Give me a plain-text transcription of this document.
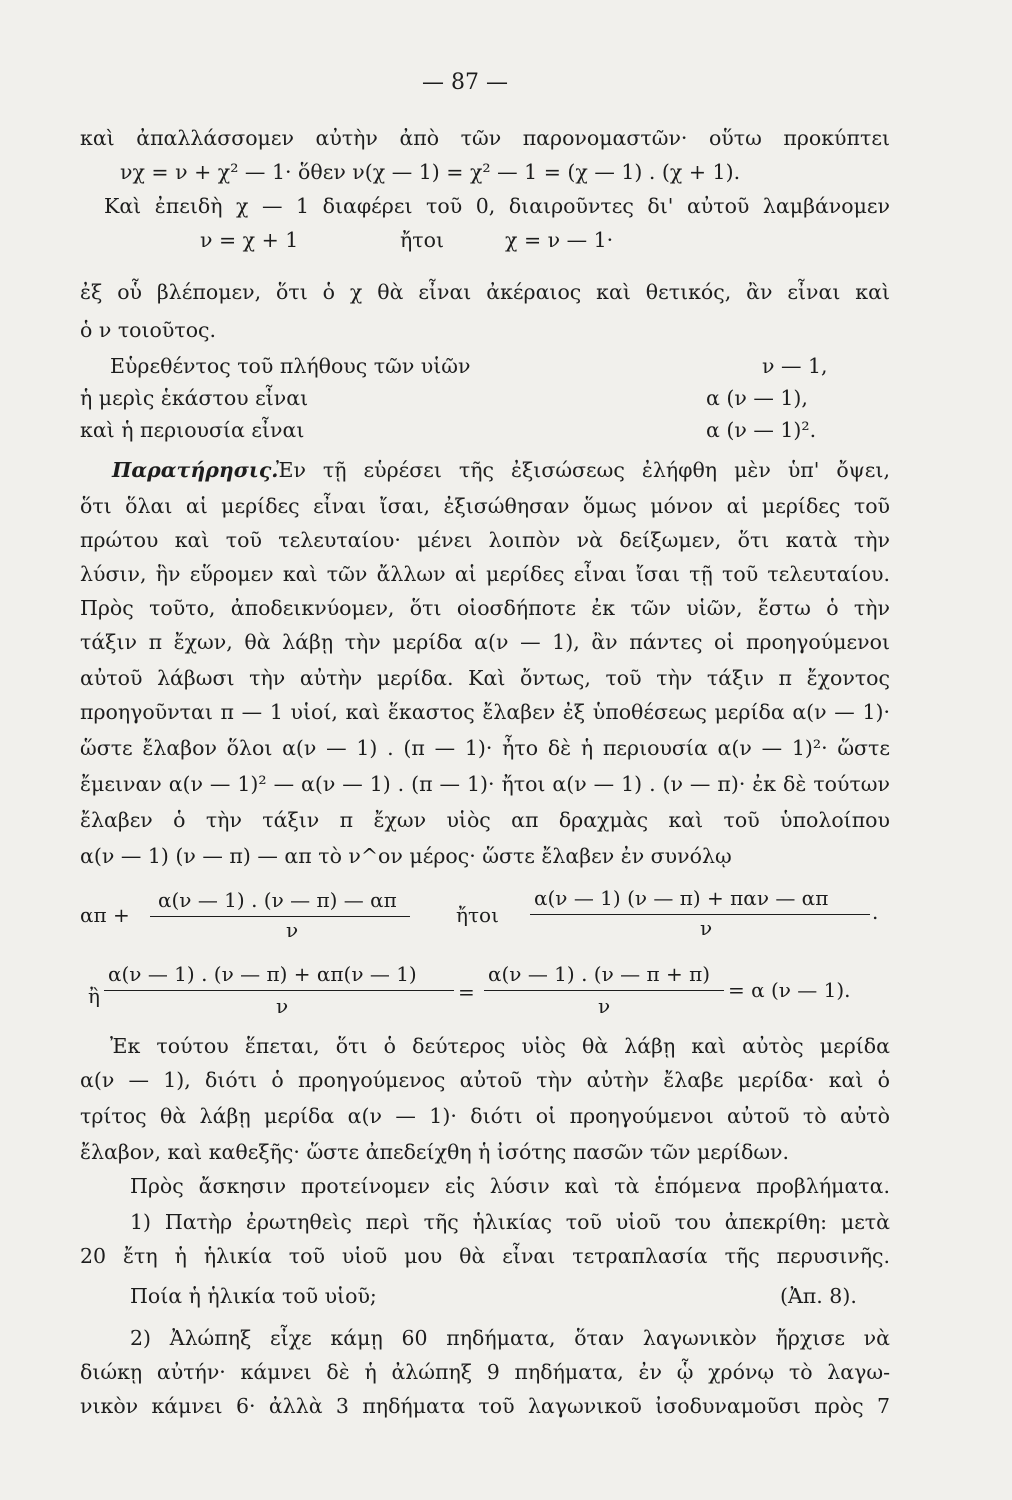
— 87 —
καὶ ἀπαλλάσσομεν αὐτὴν ἀπὸ τῶν παρονομαστῶν· οὕτω προκύπτει
νχ = ν + χ² — 1· ὅθεν ν(χ — 1) = χ² — 1 = (χ — 1) . (χ + 1).
Καὶ ἐπειδὴ χ — 1 διαφέρει τοῦ 0, διαιροῦντες δι' αὐτοῦ λαμβάνομεν
ν = χ + 1	ἤτοι	χ = ν — 1·
ἐξ οὗ βλέπομεν, ὅτι ὁ χ θὰ εἶναι ἀκέραιος καὶ θετικός, ἂν εἶναι καὶ
ὁ ν τοιοῦτος.
Εὑρεθέντος τοῦ πλήθους τῶν υἱῶν	ν — 1,
ἡ μερὶς ἑκάστου εἶναι	α (ν — 1),
καὶ ἡ περιουσία εἶναι	α (ν — 1)².
Παρατήρησις.
Ἐν τῇ εὑρέσει τῆς ἐξισώσεως ἐλήφθη μὲν ὑπ' ὄψει,
ὅτι ὅλαι αἱ μερίδες εἶναι ἴσαι, ἐξισώθησαν ὅμως μόνον αἱ μερίδες τοῦ
πρώτου καὶ τοῦ τελευταίου· μένει λοιπὸν νὰ δείξωμεν, ὅτι κατὰ τὴν
λύσιν, ἣν εὕρομεν καὶ τῶν ἄλλων αἱ μερίδες εἶναι ἴσαι τῇ τοῦ τελευταίου.
Πρὸς τοῦτο, ἀποδεικνύομεν, ὅτι οἱοσδήποτε ἐκ τῶν υἱῶν, ἔστω ὁ τὴν
τάξιν π ἔχων, θὰ λάβῃ τὴν μερίδα α(ν — 1), ἂν πάντες οἱ προηγούμενοι
αὐτοῦ λάβωσι τὴν αὐτὴν μερίδα. Καὶ ὄντως, τοῦ τὴν τάξιν π ἔχοντος
προηγοῦνται π — 1 υἱοί, καὶ ἕκαστος ἔλαβεν ἐξ ὑποθέσεως μερίδα α(ν — 1)·
ὥστε ἔλαβον ὅλοι α(ν — 1) . (π — 1)· ἦτο δὲ ἡ περιουσία α(ν — 1)²· ὥστε
ἔμειναν α(ν — 1)² — α(ν — 1) . (π — 1)· ἤτοι α(ν — 1) . (ν — π)· ἐκ δὲ τούτων
ἔλαβεν ὁ τὴν τάξιν π ἔχων υἱὸς απ δραχμὰς καὶ τοῦ ὑπολοίπου
α(ν — 1) (ν — π) — απ τὸ ν^ον μέρος· ὥστε ἔλαβεν ἐν συνόλῳ
απ +
α(ν — 1) . (ν — π) — απ
ν
ἤτοι
α(ν — 1) (ν — π) + παν — απ
ν
.
ἢ
α(ν — 1) . (ν — π) + απ(ν — 1)
ν
=
α(ν — 1) . (ν — π + π)
ν
= α (ν — 1).
Ἐκ τούτου ἕπεται, ὅτι ὁ δεύτερος υἱὸς θὰ λάβῃ καὶ αὐτὸς μερίδα
α(ν — 1), διότι ὁ προηγούμενος αὐτοῦ τὴν αὐτὴν ἔλαβε μερίδα· καὶ ὁ
τρίτος θὰ λάβῃ μερίδα α(ν — 1)· διότι οἱ προηγούμενοι αὐτοῦ τὸ αὐτὸ
ἔλαβον, καὶ καθεξῆς· ὥστε ἀπεδείχθη ἡ ἰσότης πασῶν τῶν μερίδων.
Πρὸς ἄσκησιν προτείνομεν εἰς λύσιν καὶ τὰ ἑπόμενα προβλήματα.
1) Πατὴρ ἐρωτηθεὶς περὶ τῆς ἡλικίας τοῦ υἱοῦ του ἀπεκρίθη: μετὰ
20 ἔτη ἡ ἡλικία τοῦ υἱοῦ μου θὰ εἶναι τετραπλασία τῆς περυσινῆς.
Ποία ἡ ἡλικία τοῦ υἱοῦ;	(Ἀπ. 8).
2) Ἀλώπηξ εἶχε κάμῃ 60 πηδήματα, ὅταν λαγωνικὸν ἤρχισε νὰ
διώκῃ αὐτήν· κάμνει δὲ ἡ ἀλώπηξ 9 πηδήματα, ἐν ᾧ χρόνῳ τὸ λαγω-
νικὸν κάμνει 6· ἀλλὰ 3 πηδήματα τοῦ λαγωνικοῦ ἰσοδυναμοῦσι πρὸς 7
